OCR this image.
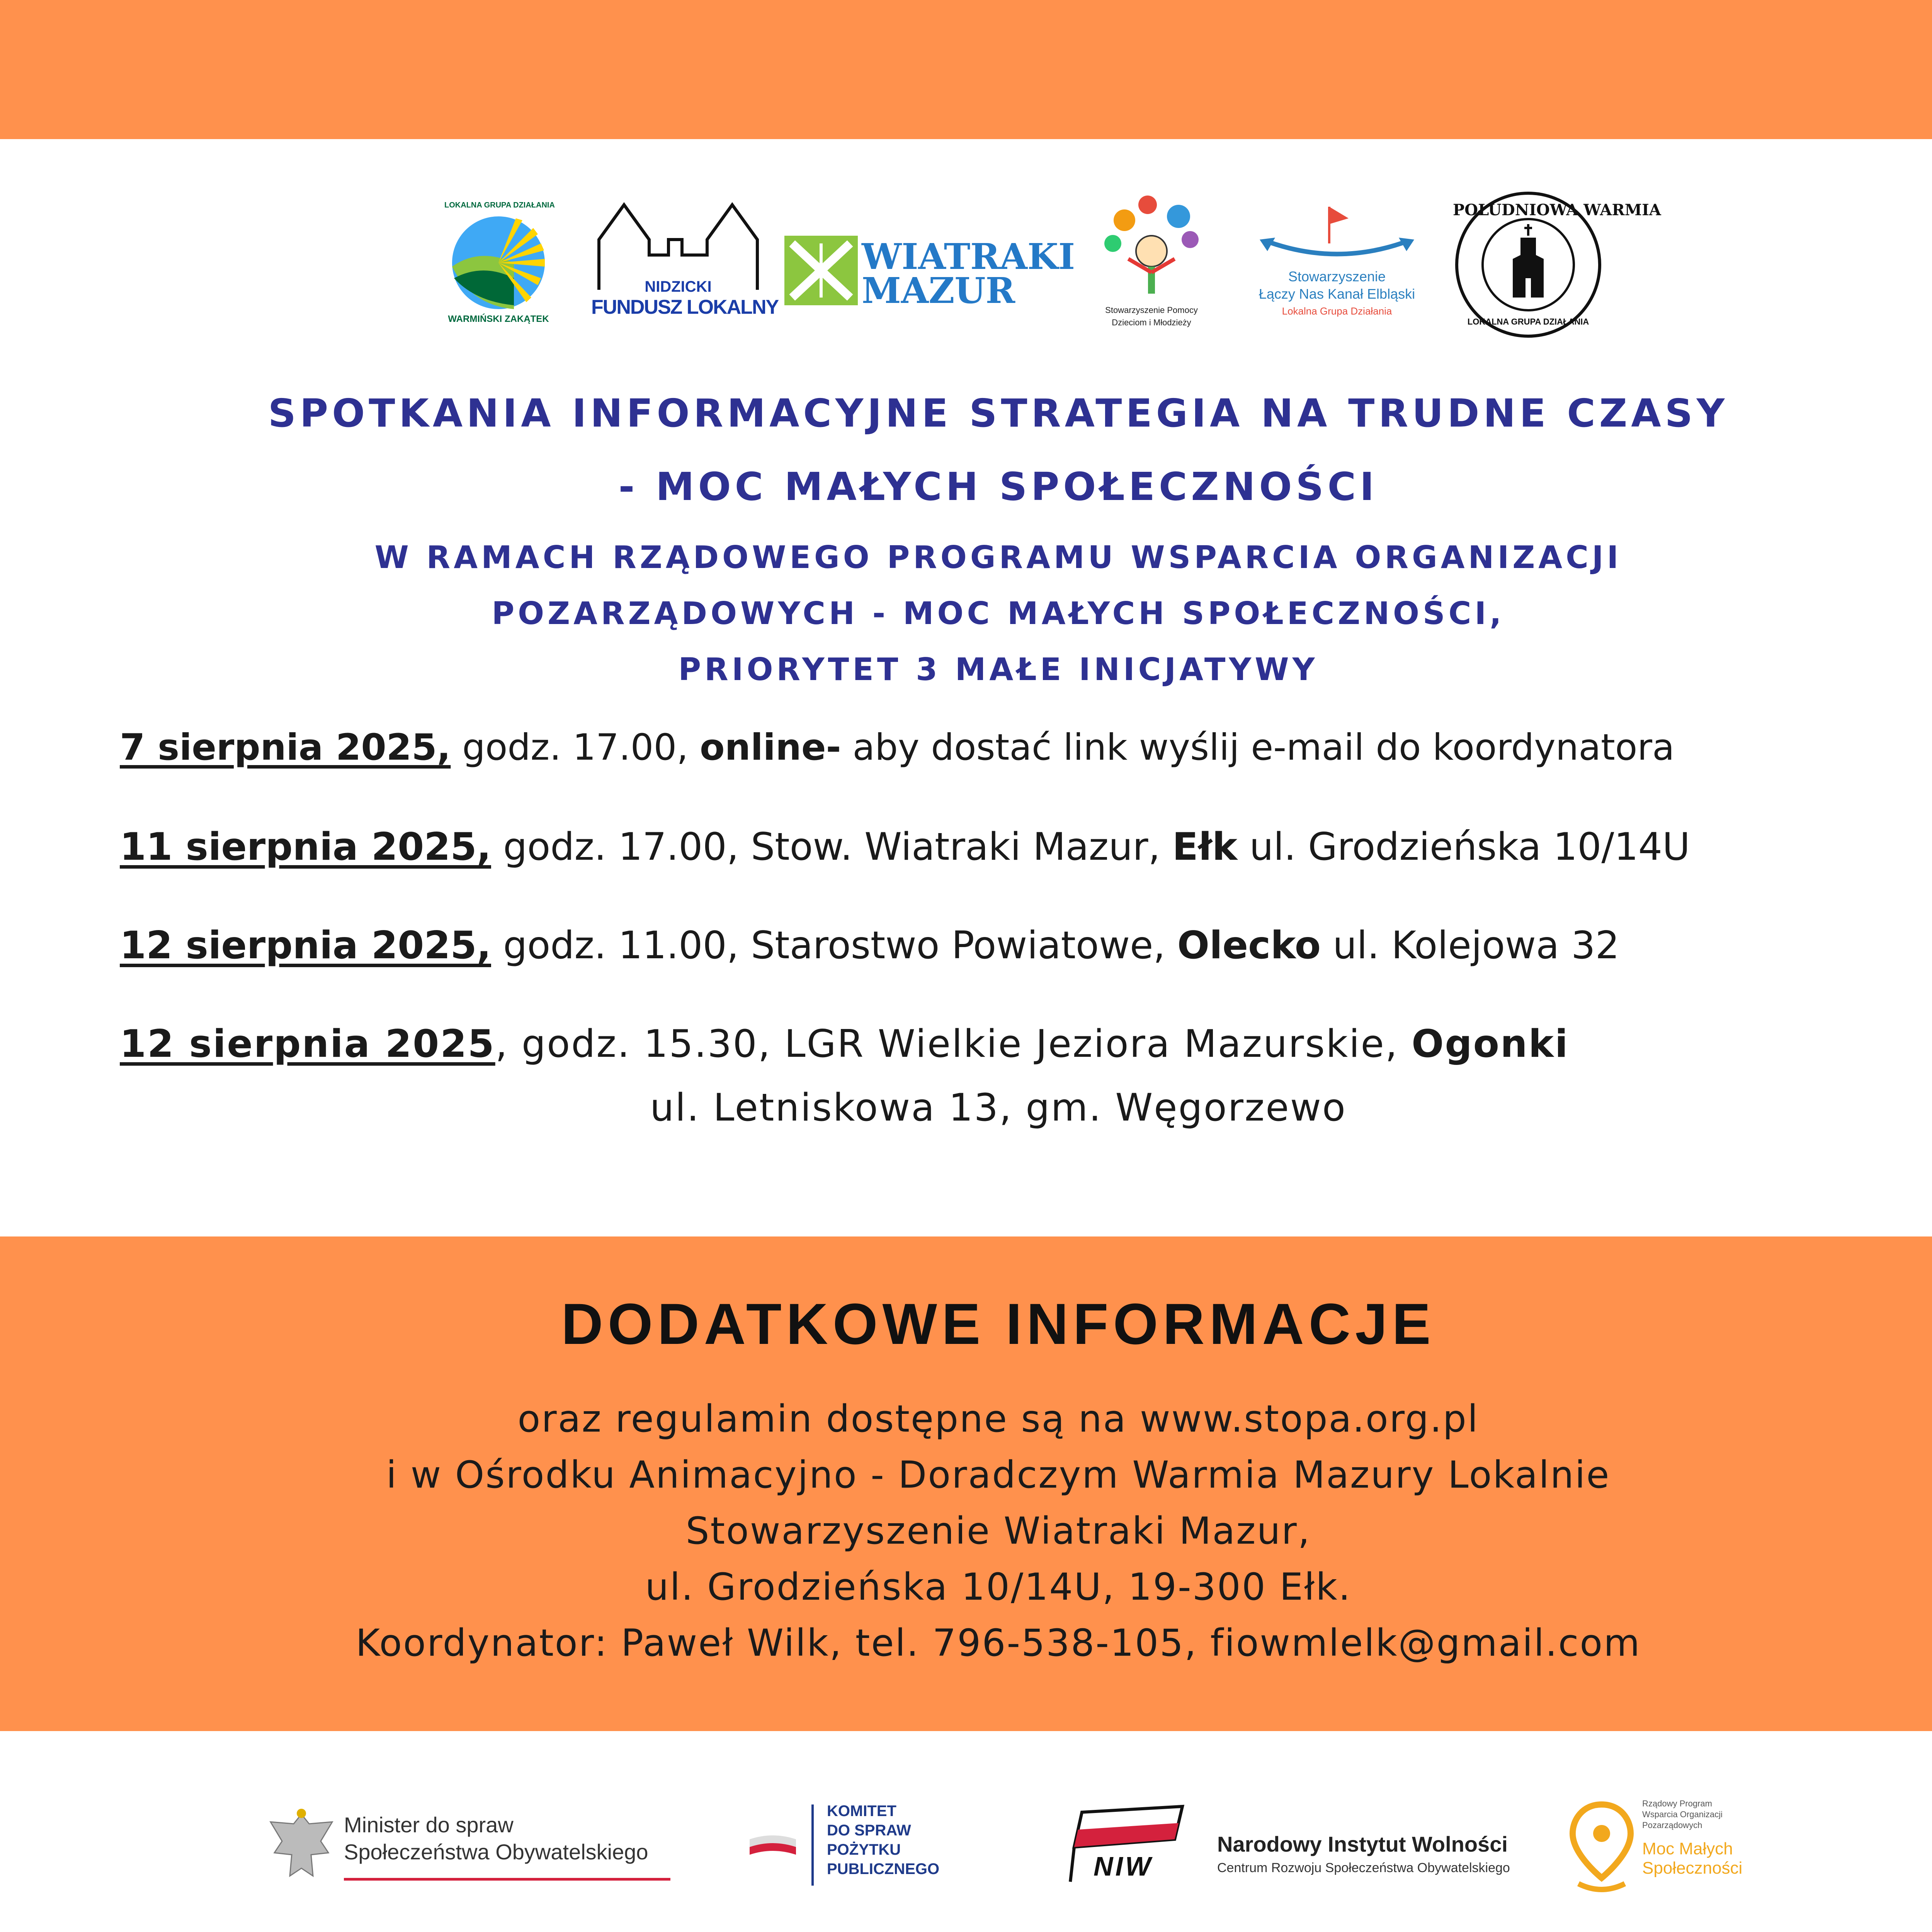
LOKALNA GRUPA DZIAŁANIA
WARMIŃSKI ZAKĄTEK
NIDZICKI
FUNDUSZ LOKALNY
WIATRAKI
MAZUR	Stowarzyszenie Pomocy
Dzieciom i Młodzieży
Stowarzyszenie
Łączy Nas Kanał Elbląski
Lokalna Grupa Działania
POŁUDNIOWA WARMIA
LOKALNA GRUPA DZIAŁANIA
SPOTKANIA INFORMACYJNE STRATEGIA NA TRUDNE CZASY
- MOC MAŁYCH SPOŁECZNOŚCI
W RAMACH RZĄDOWEGO PROGRAMU WSPARCIA ORGANIZACJI
POZARZĄDOWYCH - MOC MAŁYCH SPOŁECZNOŚCI,
PRIORYTET 3 MAŁE INICJATYWY
7 sierpnia 2025, godz. 17.00, online- aby dostać link wyślij e-mail do koordynatora
11 sierpnia 2025, godz. 17.00, Stow. Wiatraki Mazur, Ełk ul. Grodzieńska 10/14U
12 sierpnia 2025, godz. 11.00, Starostwo Powiatowe, Olecko ul. Kolejowa 32
12 sierpnia 2025, godz. 15.30, LGR Wielkie Jeziora Mazurskie, Ogonki
ul. Letniskowa 13, gm. Węgorzewo
DODATKOWE INFORMACJE
oraz regulamin dostępne są na www.stopa.org.pl
i w Ośrodku Animacyjno - Doradczym Warmia Mazury Lokalnie
Stowarzyszenie Wiatraki Mazur,
ul. Grodzieńska 10/14U, 19-300 Ełk.
Koordynator: Paweł Wilk, tel. 796-538-105, fiowmlelk@gmail.com
Minister do spraw
Społeczeństwa Obywatelskiego
KOMITET
DO SPRAW
POŻYTKU
PUBLICZNEGO	NIW
Narodowy Instytut Wolności
Centrum Rozwoju Społeczeństwa Obywatelskiego
Rządowy Program
Wsparcia Organizacji
Pozarządowych
Moc Małych
Społeczności
